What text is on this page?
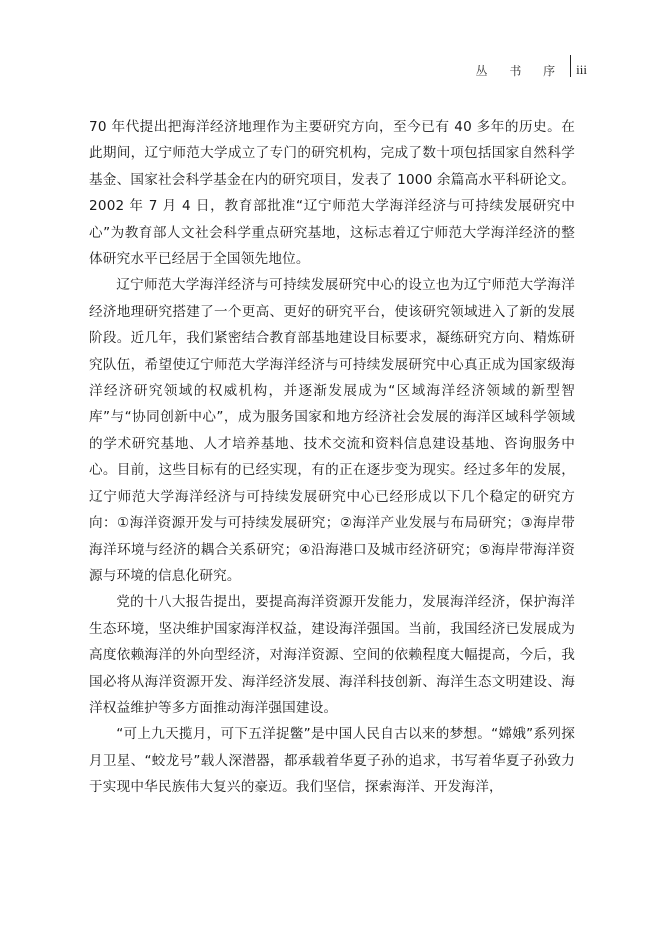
丛 书 序 iii

70 年代提出把海洋经济地理作为主要研究方向，至今已有 40 多年的历史。在此期间，辽宁师范大学成立了专门的研究机构，完成了数十项包括国家自然科学基金、国家社会科学基金在内的研究项目，发表了 1000 余篇高水平科研论文。2002 年 7 月 4 日，教育部批准“辽宁师范大学海洋经济与可持续发展研究中心”为教育部人文社会科学重点研究基地，这标志着辽宁师范大学海洋经济的整体研究水平已经居于全国领先地位。

辽宁师范大学海洋经济与可持续发展研究中心的设立也为辽宁师范大学海洋经济地理研究搭建了一个更高、更好的研究平台，使该研究领域进入了新的发展阶段。近几年，我们紧密结合教育部基地建设目标要求，凝练研究方向、精炼研究队伍，希望使辽宁师范大学海洋经济与可持续发展研究中心真正成为国家级海洋经济研究领域的权威机构，并逐渐发展成为“区域海洋经济领域的新型智库”与“协同创新中心”，成为服务国家和地方经济社会发展的海洋区域科学领域的学术研究基地、人才培养基地、技术交流和资料信息建设基地、咨询服务中心。目前，这些目标有的已经实现，有的正在逐步变为现实。经过多年的发展，辽宁师范大学海洋经济与可持续发展研究中心已经形成以下几个稳定的研究方向：①海洋资源开发与可持续发展研究；②海洋产业发展与布局研究；③海岸带海洋环境与经济的耦合关系研究；④沿海港口及城市经济研究；⑤海岸带海洋资源与环境的信息化研究。

党的十八大报告提出，要提高海洋资源开发能力，发展海洋经济，保护海洋生态环境，坚决维护国家海洋权益，建设海洋强国。当前，我国经济已发展成为高度依赖海洋的外向型经济，对海洋资源、空间的依赖程度大幅提高，今后，我国必将从海洋资源开发、海洋经济发展、海洋科技创新、海洋生态文明建设、海洋权益维护等多方面推动海洋强国建设。

“可上九天揽月，可下五洋捉鳖”是中国人民自古以来的梦想。“嫦娥”系列探月卫星、“蛟龙号”载人深潜器，都承载着华夏子孙的追求，书写着华夏子孙致力于实现中华民族伟大复兴的豪迈。我们坚信，探索海洋、开发海洋，
